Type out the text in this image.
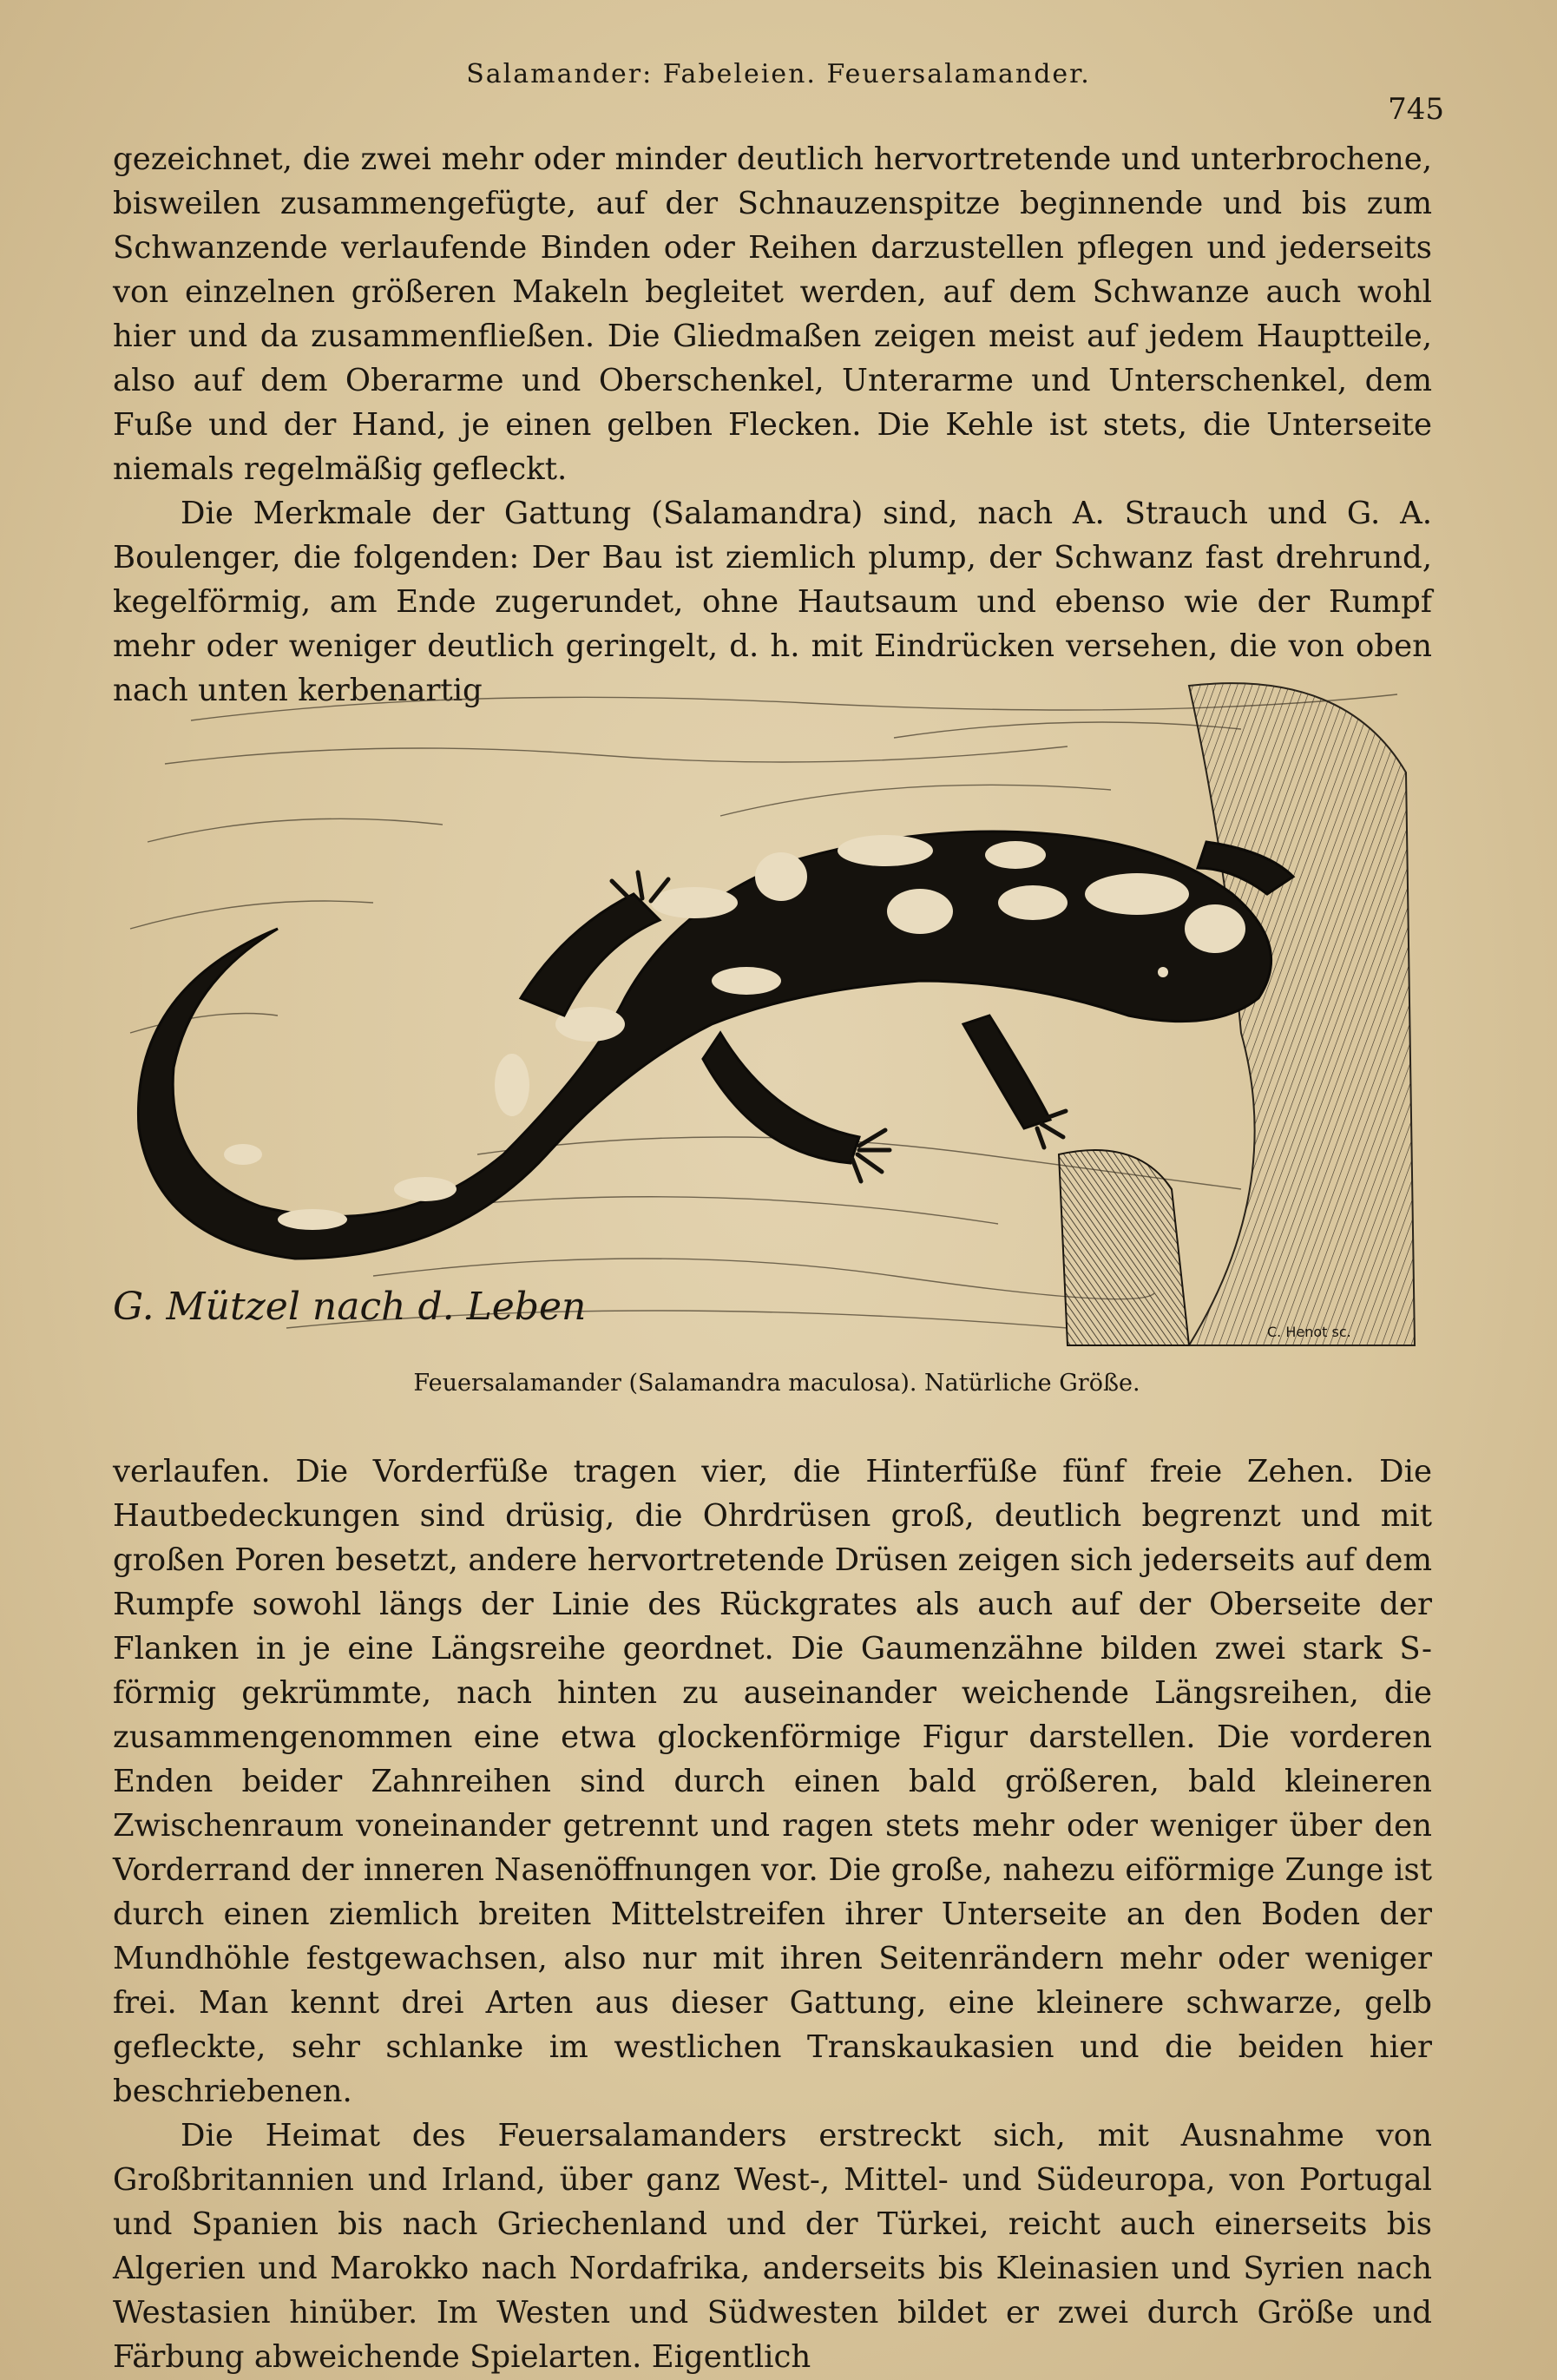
Salamander: Fabeleien. Feuersalamander.
745

gezeichnet, die zwei mehr oder minder deutlich hervortretende und unterbrochene, bisweilen zusammengefügte, auf der Schnauzenspitze beginnende und bis zum Schwanzende verlaufende Binden oder Reihen darzustellen pflegen und jederseits von einzelnen größeren Makeln begleitet werden, auf dem Schwanze auch wohl hier und da zusammenfließen. Die Gliedmaßen zeigen meist auf jedem Hauptteile, also auf dem Oberarme und Oberschenkel, Unterarme und Unterschenkel, dem Fuße und der Hand, je einen gelben Flecken. Die Kehle ist stets, die Unterseite niemals regelmäßig gefleckt.

Die Merkmale der Gattung (Salamandra) sind, nach A. Strauch und G. A. Boulenger, die folgenden: Der Bau ist ziemlich plump, der Schwanz fast drehrund, kegelförmig, am Ende zugerundet, ohne Hautsaum und ebenso wie der Rumpf mehr oder weniger deutlich geringelt, d. h. mit Eindrücken versehen, die von oben nach unten kerbenartig

G. Mützel nach d. Leben
C. Henot sc.
Feuersalamander (Salamandra maculosa). Natürliche Größe.

verlaufen. Die Vorderfüße tragen vier, die Hinterfüße fünf freie Zehen. Die Hautbedeckungen sind drüsig, die Ohrdrüsen groß, deutlich begrenzt und mit großen Poren besetzt, andere hervortretende Drüsen zeigen sich jederseits auf dem Rumpfe sowohl längs der Linie des Rückgrates als auch auf der Oberseite der Flanken in je eine Längsreihe geordnet. Die Gaumenzähne bilden zwei stark S-förmig gekrümmte, nach hinten zu auseinander weichende Längsreihen, die zusammengenommen eine etwa glockenförmige Figur darstellen. Die vorderen Enden beider Zahnreihen sind durch einen bald größeren, bald kleineren Zwischenraum voneinander getrennt und ragen stets mehr oder weniger über den Vorderrand der inneren Nasenöffnungen vor. Die große, nahezu eiförmige Zunge ist durch einen ziemlich breiten Mittelstreifen ihrer Unterseite an den Boden der Mundhöhle festgewachsen, also nur mit ihren Seitenrändern mehr oder weniger frei. Man kennt drei Arten aus dieser Gattung, eine kleinere schwarze, gelb gefleckte, sehr schlanke im westlichen Transkaukasien und die beiden hier beschriebenen.

Die Heimat des Feuersalamanders erstreckt sich, mit Ausnahme von Großbritannien und Irland, über ganz West-, Mittel- und Südeuropa, von Portugal und Spanien bis nach Griechenland und der Türkei, reicht auch einerseits bis Algerien und Marokko nach Nordafrika, anderseits bis Kleinasien und Syrien nach Westasien hinüber. Im Westen und Südwesten bildet er zwei durch Größe und Färbung abweichende Spielarten. Eigentlich
